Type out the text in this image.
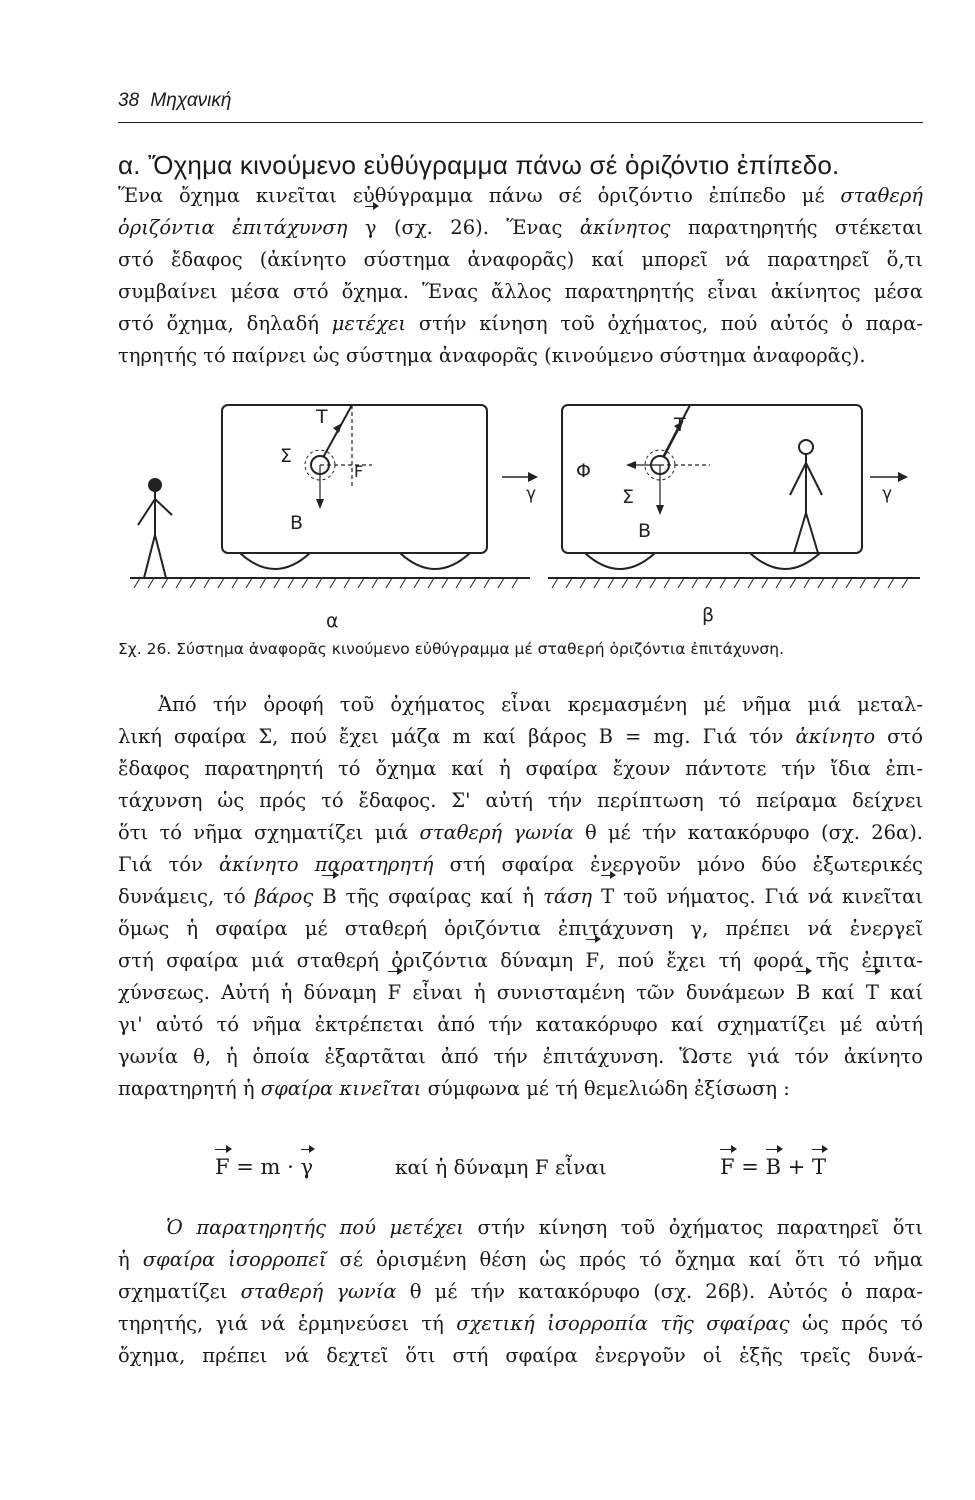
38 Μηχανική
α. Ὄχημα κινούμενο εὐθύγραμμα πάνω σέ ὁριζόντιο ἐπίπεδο.
Ἕνα ὄχημα κινεῖται εὐθύγραμμα πάνω σέ ὁριζόντιο ἐπίπεδο μέ σταθερή
ὁριζόντια ἐπιτάχυνση γ (σχ. 26). Ἕνας ἀκίνητος παρατηρητής στέκεται
στό ἔδαφος (ἀκίνητο σύστημα ἀναφορᾶς) καί μπορεῖ νά παρατηρεῖ ὅ,τι
συμβαίνει μέσα στό ὄχημα. Ἕνας ἄλλος παρατηρητής εἶναι ἀκίνητος μέσα
στό ὄχημα, δηλαδή μετέχει στήν κίνηση τοῦ ὀχήματος, πού αὐτός ὁ παρα-
τηρητής τό παίρνει ὡς σύστημα ἀναφορᾶς (κινούμενο σύστημα ἀναφορᾶς).
T
Σ
B
F
γ
α
T
Φ
Σ
B
γ
β
Σχ. 26. Σύστημα ἀναφορᾶς κινούμενο εὐθύγραμμα μέ σταθερή ὁριζόντια ἐπιτάχυνση.
Ἀπό τήν ὀροφή τοῦ ὀχήματος εἶναι κρεμασμένη μέ νῆμα μιά μεταλ-
λική σφαίρα Σ, πού ἔχει μάζα m καί βάρος B = mg. Γιά τόν ἀκίνητο στό
ἔδαφος παρατηρητή τό ὄχημα καί ἡ σφαίρα ἔχουν πάντοτε τήν ἴδια ἐπι-
τάχυνση ὡς πρός τό ἔδαφος. Σ' αὐτή τήν περίπτωση τό πείραμα δείχνει
ὅτι τό νῆμα σχηματίζει μιά σταθερή γωνία θ μέ τήν κατακόρυφο (σχ. 26α).
Γιά τόν ἀκίνητο παρατηρητή στή σφαίρα ἐνεργοῦν μόνο δύο ἐξωτερικές
δυνάμεις, τό βάρος B τῆς σφαίρας καί ἡ τάση T τοῦ νήματος. Γιά νά κινεῖται
ὅμως ἡ σφαίρα μέ σταθερή ὁριζόντια ἐπιτάχυνση γ, πρέπει νά ἐνεργεῖ
στή σφαίρα μιά σταθερή ὁριζόντια δύναμη F, πού ἔχει τή φορά τῆς ἐπιτα-
χύνσεως. Αὐτή ἡ δύναμη F εἶναι ἡ συνισταμένη τῶν δυνάμεων B καί T καί
γι' αὐτό τό νῆμα ἐκτρέπεται ἀπό τήν κατακόρυφο καί σχηματίζει μέ αὐτή
γωνία θ, ἡ ὁποία ἐξαρτᾶται ἀπό τήν ἐπιτάχυνση. Ὥστε γιά τόν ἀκίνητο
παρατηρητή ἡ σφαίρα κινεῖται σύμφωνα μέ τή θεμελιώδη ἐξίσωση :
F = m · γ	καί ἡ δύναμη F εἶναι	F = B + T
Ὁ παρατηρητής πού μετέχει στήν κίνηση τοῦ ὀχήματος παρατηρεῖ ὅτι
ἡ σφαίρα ἰσορροπεῖ σέ ὁρισμένη θέση ὡς πρός τό ὄχημα καί ὅτι τό νῆμα
σχηματίζει σταθερή γωνία θ μέ τήν κατακόρυφο (σχ. 26β). Αὐτός ὁ παρα-
τηρητής, γιά νά ἑρμηνεύσει τή σχετική ἰσορροπία τῆς σφαίρας ὡς πρός τό
ὄχημα, πρέπει νά δεχτεῖ ὅτι στή σφαίρα ἐνεργοῦν οἱ ἑξῆς τρεῖς δυνά-
